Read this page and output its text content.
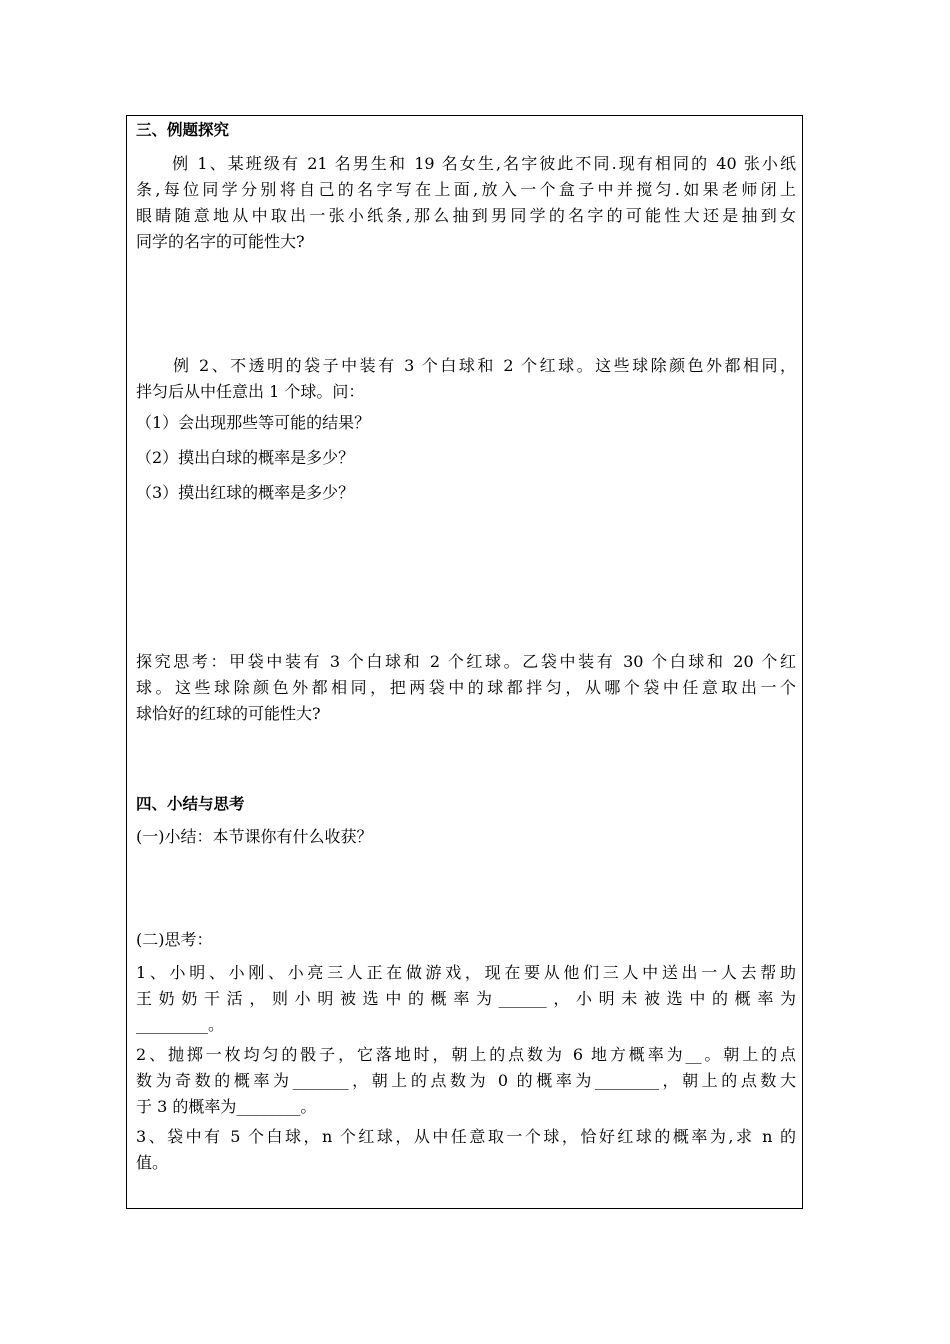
三、例题探究
　　例 1、某班级有 21 名男生和 19 名女生,名字彼此不同.现有相同的 40 张小纸
条,每位同学分别将自己的名字写在上面,放入一个盒子中并搅匀.如果老师闭上
眼睛随意地从中取出一张小纸条,那么抽到男同学的名字的可能性大还是抽到女
同学的名字的可能性大?
　　例 2、不透明的袋子中装有 3 个白球和 2 个红球。这些球除颜色外都相同，
拌匀后从中任意出 1 个球。问：
（1）会出现那些等可能的结果？
（2）摸出白球的概率是多少？
（3）摸出红球的概率是多少？
探究思考：甲袋中装有 3 个白球和 2 个红球。乙袋中装有 30 个白球和 20 个红
球。这些球除颜色外都相同，把两袋中的球都拌匀，从哪个袋中任意取出一个
球恰好的红球的可能性大?
四、小结与思考
(一)小结：本节课你有什么收获？
(二)思考：
1、小明、小刚、小亮三人正在做游戏，现在要从他们三人中送出一人去帮助
王奶奶干活，则小明被选中的概率为______，小明未被选中的概率为
_________。
2、抛掷一枚均匀的骰子，它落地时，朝上的点数为 6 地方概率为__。朝上的点
数为奇数的概率为_______，朝上的点数为 0 的概率为________，朝上的点数大
于 3 的概率为________。
3、袋中有 5 个白球，n 个红球，从中任意取一个球，恰好红球的概率为,求 n 的
值。
